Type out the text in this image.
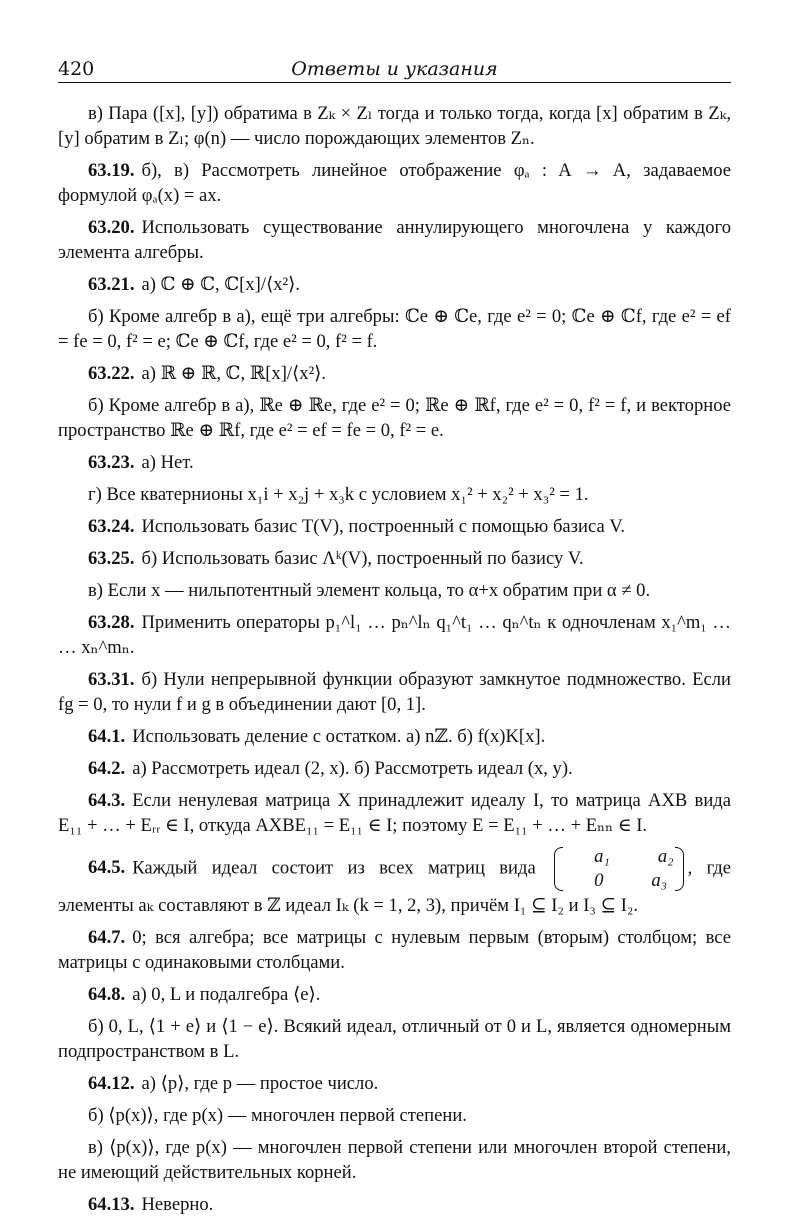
420	Ответы и указания

в) Пара ([x], [y]) обратима в Zₖ × Zₗ тогда и только тогда, когда [x] обратим в Zₖ, [y] обратим в Zₗ; φ(n) — число порождающих элементов Zₙ.

63.19. б), в) Рассмотреть линейное отображение φₐ : A → A, задаваемое формулой φₐ(x) = ax.

63.20. Использовать существование аннулирующего многочлена у каждого элемента алгебры.

63.21. а) ℂ ⊕ ℂ, ℂ[x]/⟨x²⟩.

б) Кроме алгебр в а), ещё три алгебры: ℂe ⊕ ℂe, где e² = 0; ℂe ⊕ ℂf, где e² = ef = fe = 0, f² = e; ℂe ⊕ ℂf, где e² = 0, f² = f.

63.22. а) ℝ ⊕ ℝ, ℂ, ℝ[x]/⟨x²⟩.

б) Кроме алгебр в а), ℝe ⊕ ℝe, где e² = 0; ℝe ⊕ ℝf, где e² = 0, f² = f, и векторное пространство ℝe ⊕ ℝf, где e² = ef = fe = 0, f² = e.

63.23. а) Нет.

г) Все кватернионы x₁i + x₂j + x₃k с условием x₁² + x₂² + x₃² = 1.

63.24. Использовать базис T(V), построенный с помощью базиса V.

63.25. б) Использовать базис Λᵏ(V), построенный по базису V.

в) Если x — нильпотентный элемент кольца, то α+x обратим при α ≠ 0.

63.28. Применить операторы p₁^l₁ … pₙ^lₙ q₁^t₁ … qₙ^tₙ к одночленам x₁^m₁ … … xₙ^mₙ.

63.31. б) Нули непрерывной функции образуют замкнутое подмножество. Если fg = 0, то нули f и g в объединении дают [0, 1].

64.1. Использовать деление с остатком. а) nℤ. б) f(x)K[x].

64.2. а) Рассмотреть идеал (2, x). б) Рассмотреть идеал (x, y).

64.3. Если ненулевая матрица X принадлежит идеалу I, то матрица AXB вида E₁₁ + … + Eᵣᵣ ∈ I, откуда AXBE₁₁ = E₁₁ ∈ I; поэтому E = E₁₁ + … + Eₙₙ ∈ I.

64.5. Каждый идеал состоит из всех матриц вида
a₁	a₂
0	a₃
, где элементы aₖ составляют в ℤ идеал Iₖ (k = 1, 2, 3), причём I₁ ⊆ I₂ и I₃ ⊆ I₂.

64.7. 0; вся алгебра; все матрицы с нулевым первым (вторым) столбцом; все матрицы с одинаковыми столбцами.

64.8. а) 0, L и подалгебра ⟨e⟩.

б) 0, L, ⟨1 + e⟩ и ⟨1 − e⟩. Всякий идеал, отличный от 0 и L, является одномерным подпространством в L.

64.12. а) ⟨p⟩, где p — простое число.

б) ⟨p(x)⟩, где p(x) — многочлен первой степени.

в) ⟨p(x)⟩, где p(x) — многочлен первой степени или многочлен второй степени, не имеющий действительных корней.

64.13. Неверно.
